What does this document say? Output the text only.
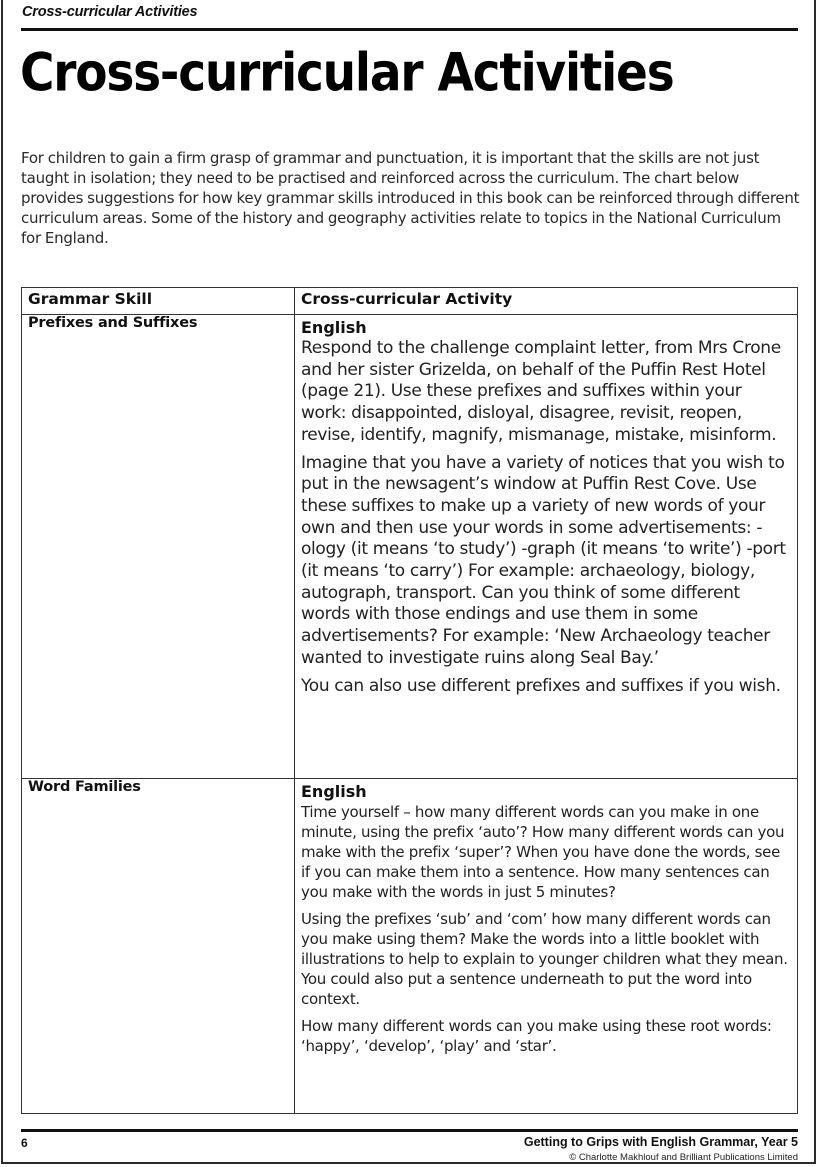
Cross-curricular Activities
Cross-curricular Activities
For children to gain a firm grasp of grammar and punctuation, it is important that the skills are not just taught in isolation; they need to be practised and reinforced across the curriculum. The chart below provides suggestions for how key grammar skills introduced in this book can be reinforced through different curriculum areas. Some of the history and geography activities relate to topics in the National Curriculum for England.
Grammar Skill	Cross-curricular Activity
Prefixes and Suffixes	English

Respond to the challenge complaint letter, from Mrs Crone and her sister Grizelda, on behalf of the Puffin Rest Hotel (page 21). Use these prefixes and suffixes within your work: disappointed, disloyal, disagree, revisit, reopen, revise, identify, magnify, mismanage, mistake, misinform.

Imagine that you have a variety of notices that you wish to put in the newsagent’s window at Puffin Rest Cove. Use these suffixes to make up a variety of new words of your own and then use your words in some advertisements: -ology (it means ‘to study’) -graph (it means ‘to write’) -port (it means ‘to carry’) For example: archaeology, biology, autograph, transport. Can you think of some different words with those endings and use them in some advertisements? For example: ‘New Archaeology teacher wanted to investigate ruins along Seal Bay.’

You can also use different prefixes and suffixes if you wish.

Word Families	English

Time yourself – how many different words can you make in one minute, using the prefix ‘auto’? How many different words can you make with the prefix ‘super’? When you have done the words, see if you can make them into a sentence. How many sentences can you make with the words in just 5 minutes?

Using the prefixes ‘sub’ and ‘com’ how many different words can you make using them? Make the words into a little booklet with illustrations to help to explain to younger children what they mean. You could also put a sentence underneath to put the word into context.

How many different words can you make using these root words: ‘happy’, ‘develop’, ‘play’ and ‘star’.

6	Getting to Grips with English Grammar, Year 5
© Charlotte Makhlouf and Brilliant Publications Limited
